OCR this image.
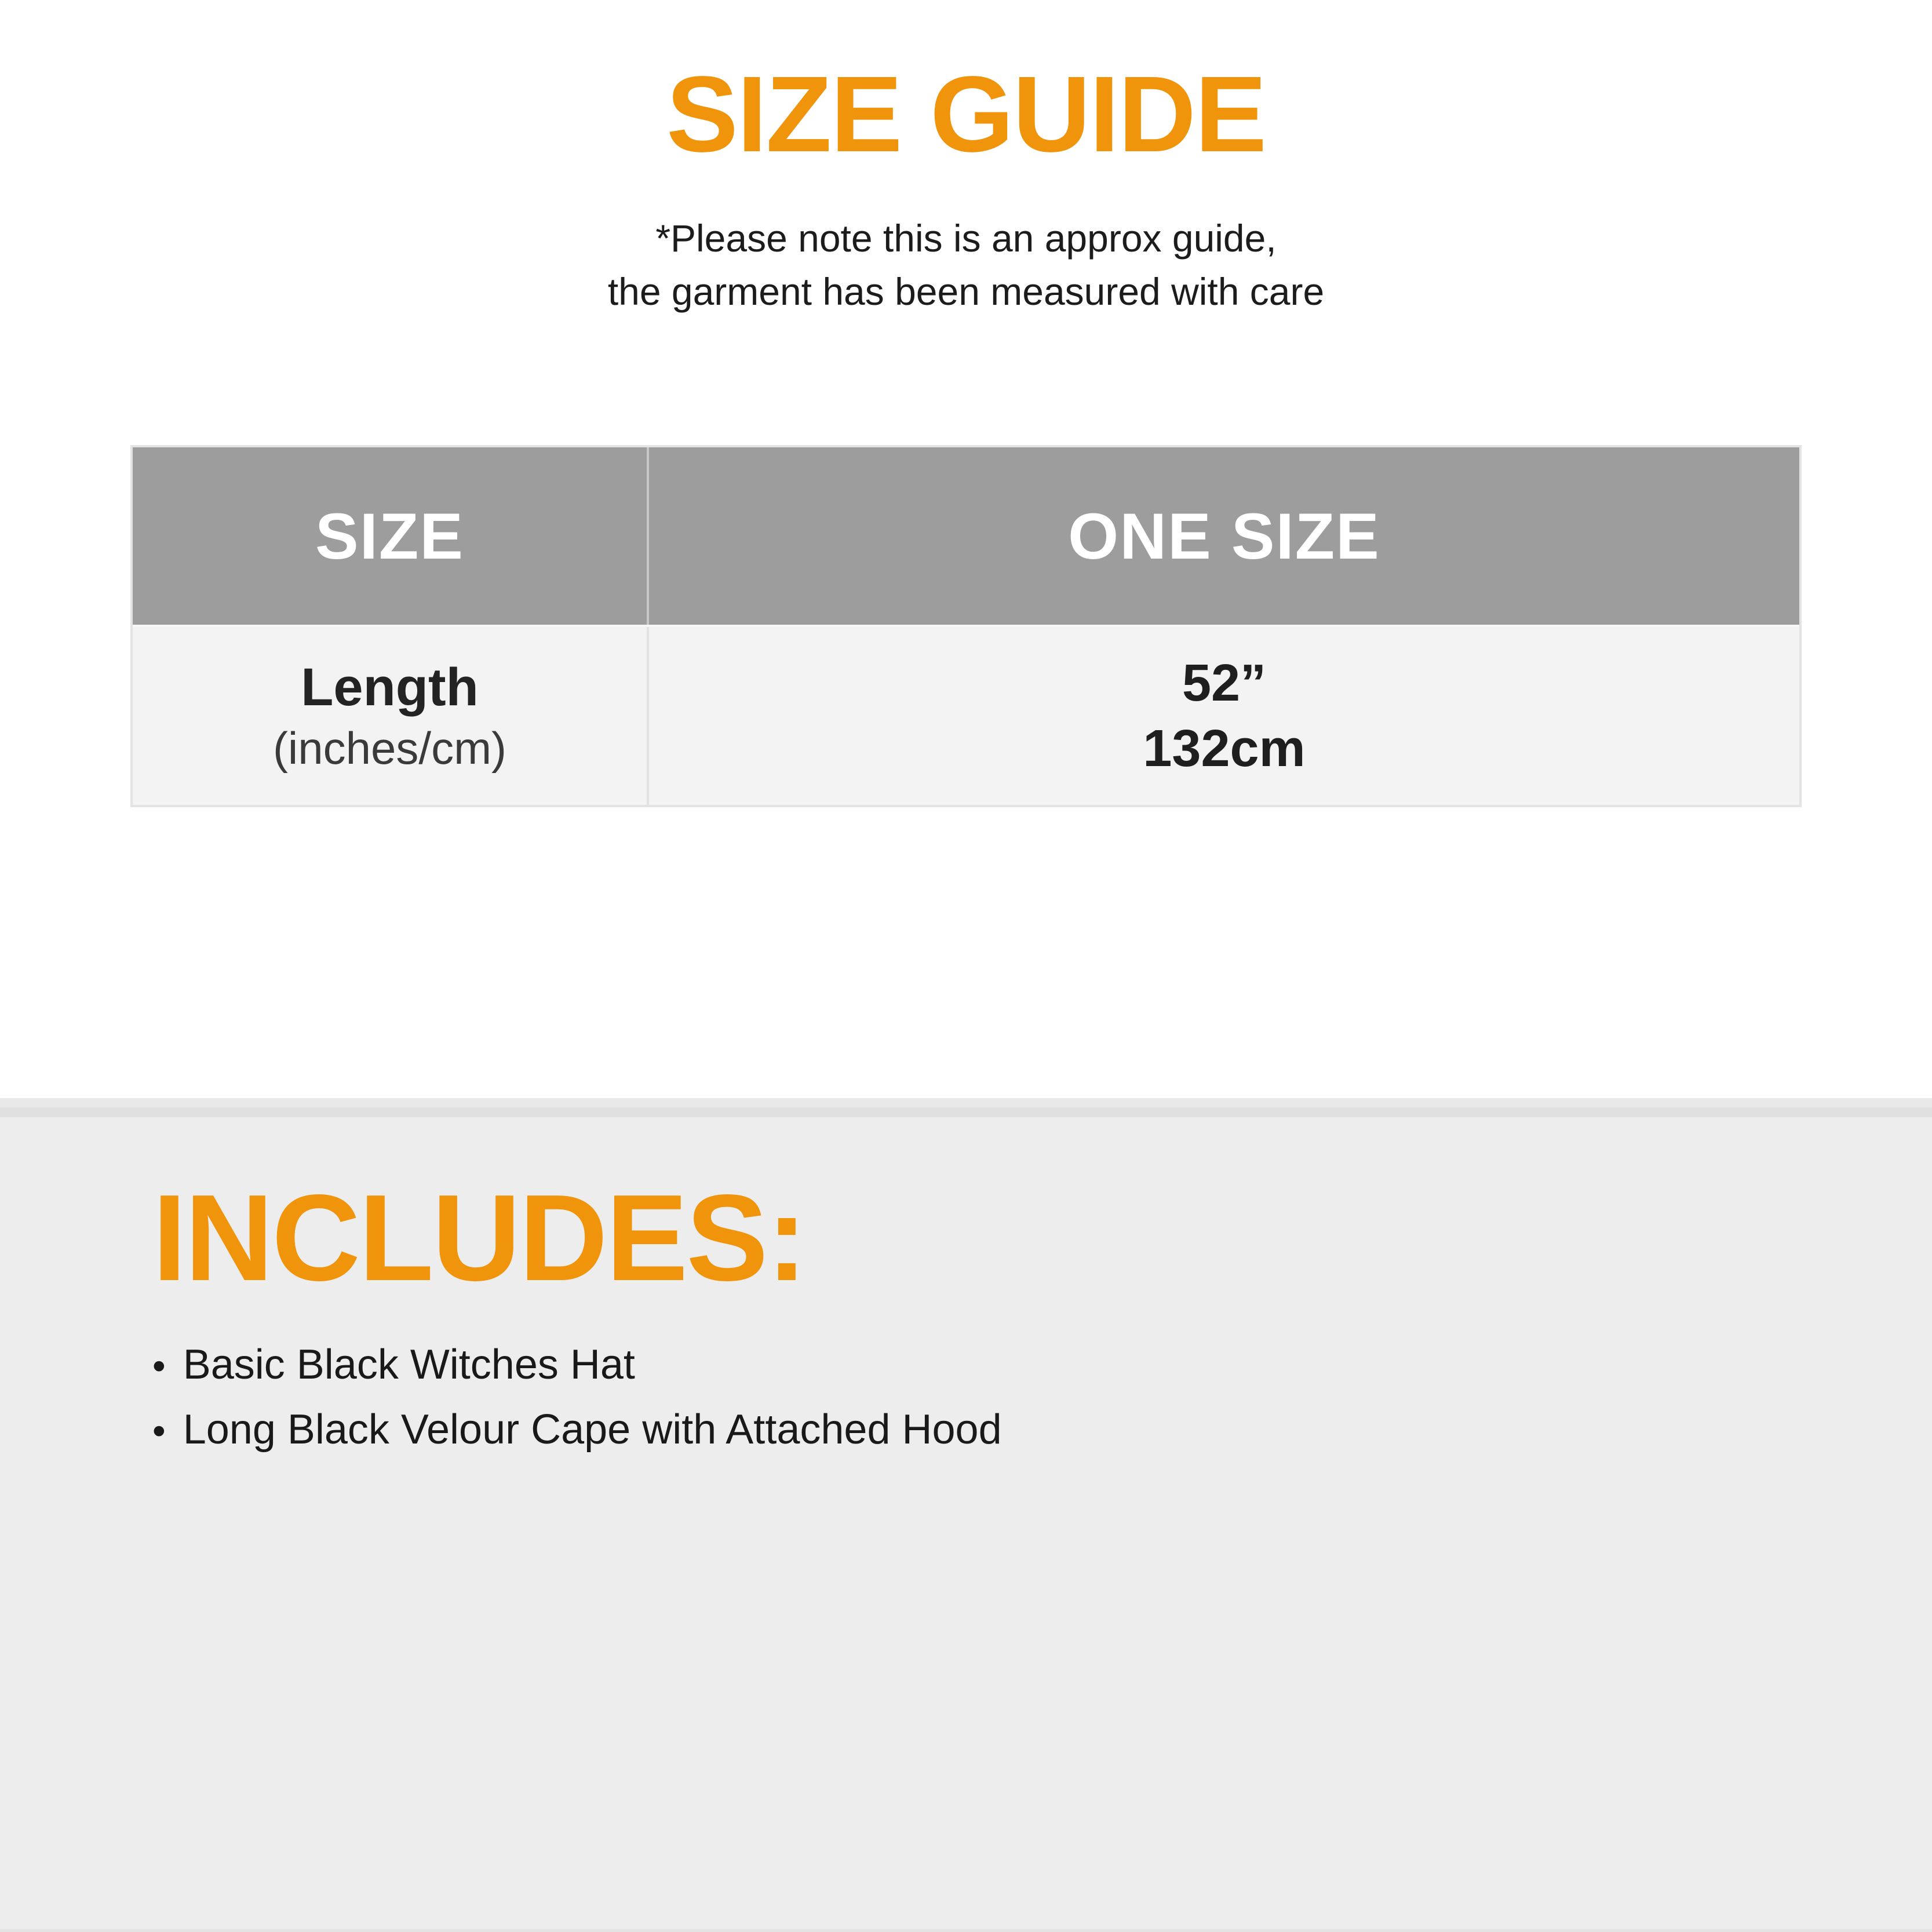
SIZE GUIDE

*Please note this is an approx guide,
the garment has been measured with care

SIZE	ONE SIZE
Length
(inches/cm)
52”
132cm
INCLUDES:
• Basic Black Witches Hat
• Long Black Velour Cape with Attached Hood
